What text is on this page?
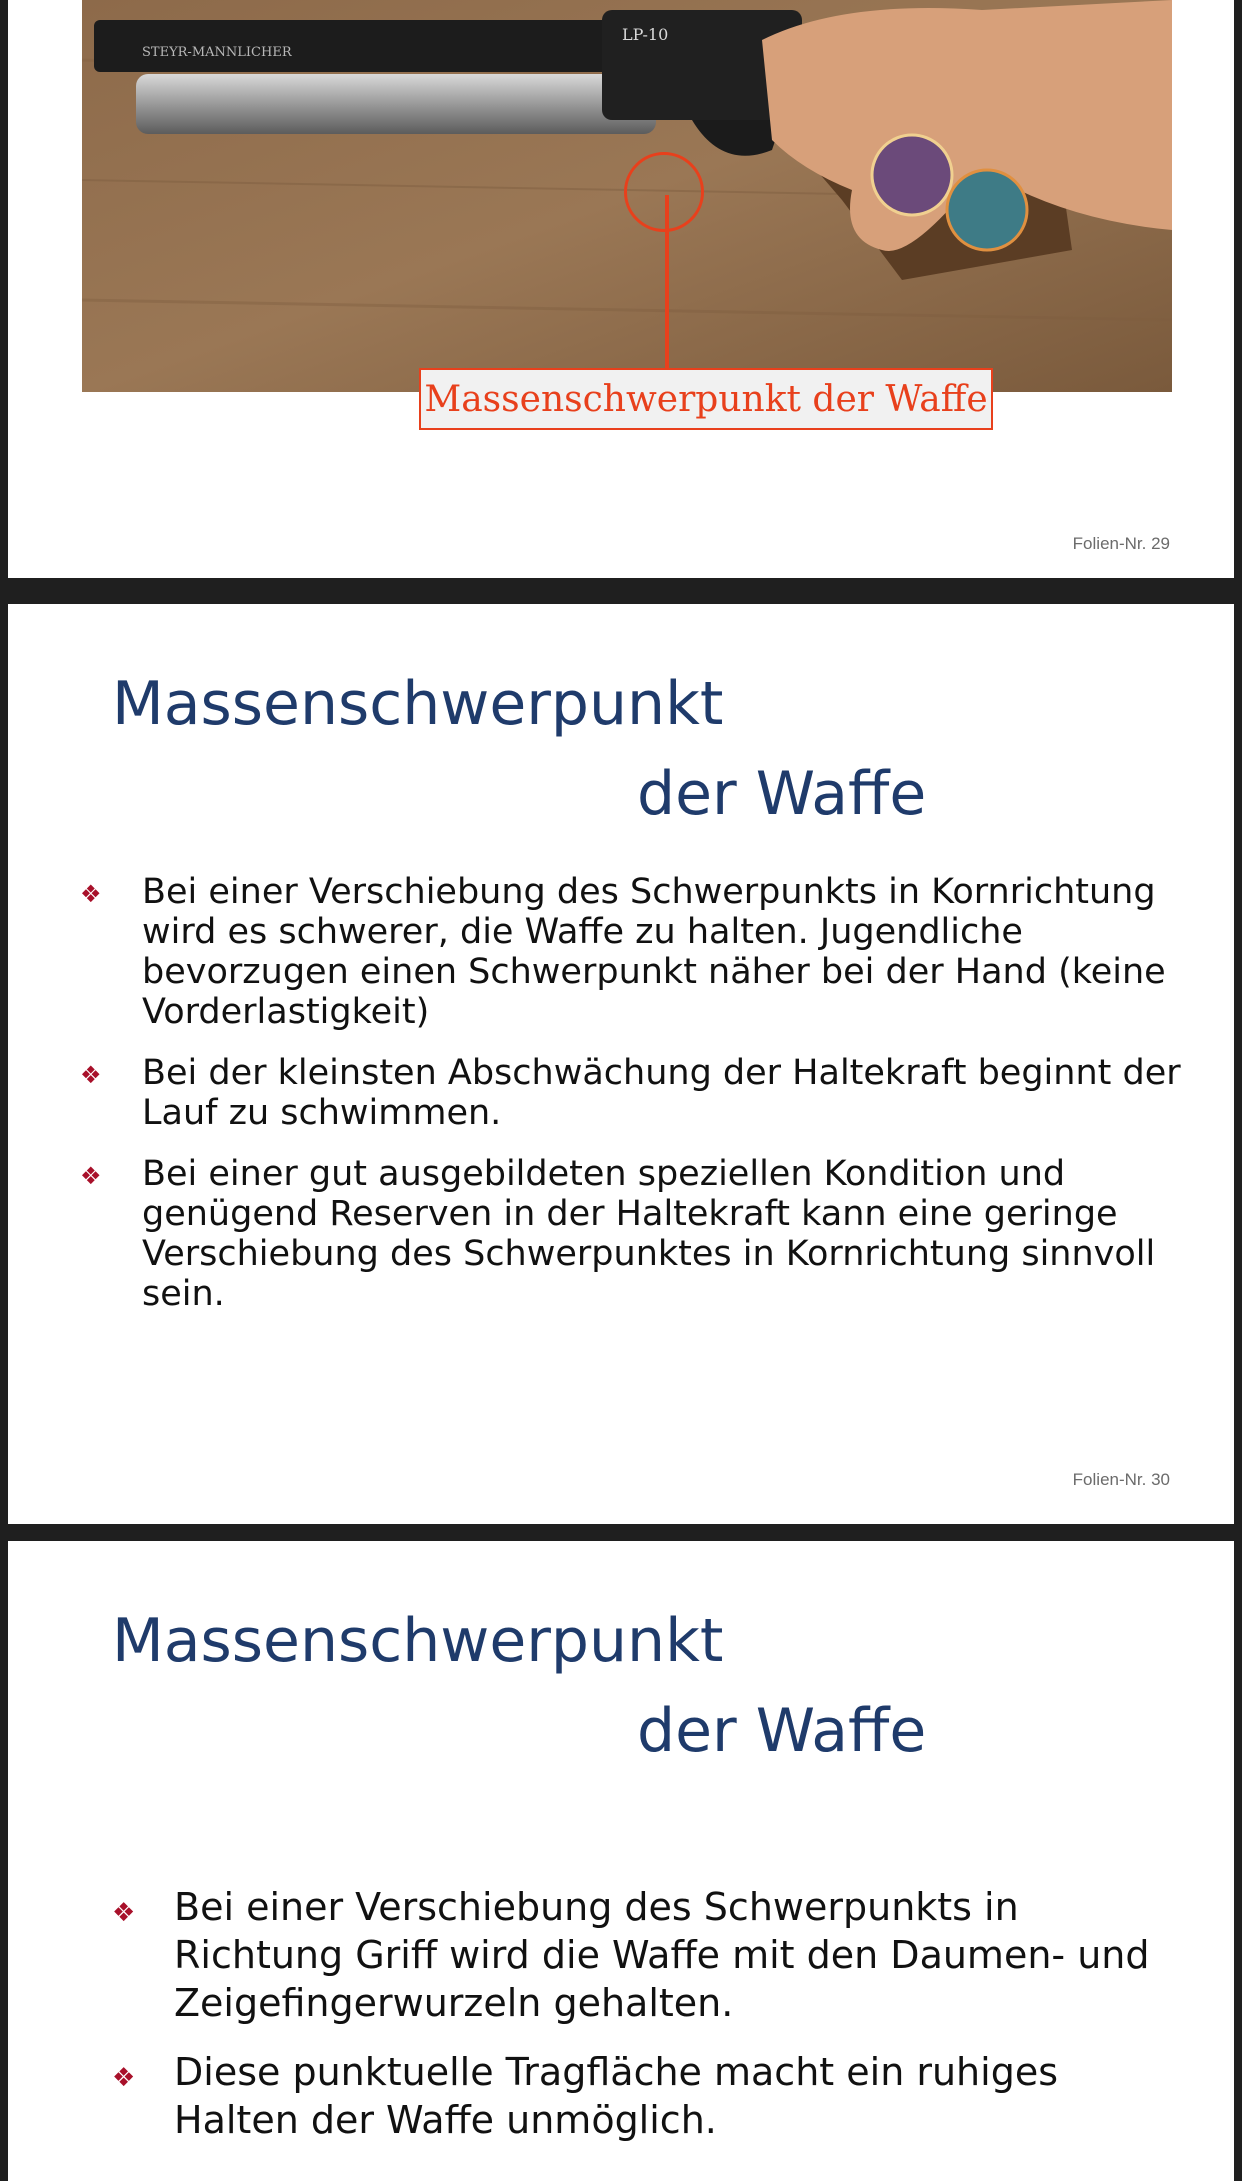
STEYR-MANNLICHER
LP-10
Massenschwerpunkt der Waffe
Folien-Nr. 29
Massenschwerpunkt
der Waffe
❖ Bei einer Verschiebung des Schwerpunkts in Kornrichtung wird es schwerer, die Waffe zu halten. Jugendliche bevorzugen einen Schwerpunkt näher bei der Hand (keine Vorderlastigkeit)
❖ Bei der kleinsten Abschwächung der Haltekraft beginnt der Lauf zu schwimmen.
❖ Bei einer gut ausgebildeten speziellen Kondition und genügend Reserven in der Haltekraft kann eine geringe Verschiebung des Schwerpunktes in Kornrichtung sinnvoll sein.
Folien-Nr. 30
Massenschwerpunkt
der Waffe
❖ Bei einer Verschiebung des Schwerpunkts in Richtung Griff wird die Waffe mit den Daumen- und Zeigefingerwurzeln gehalten.
❖ Diese punktuelle Tragfläche macht ein ruhiges Halten der Waffe unmöglich.
